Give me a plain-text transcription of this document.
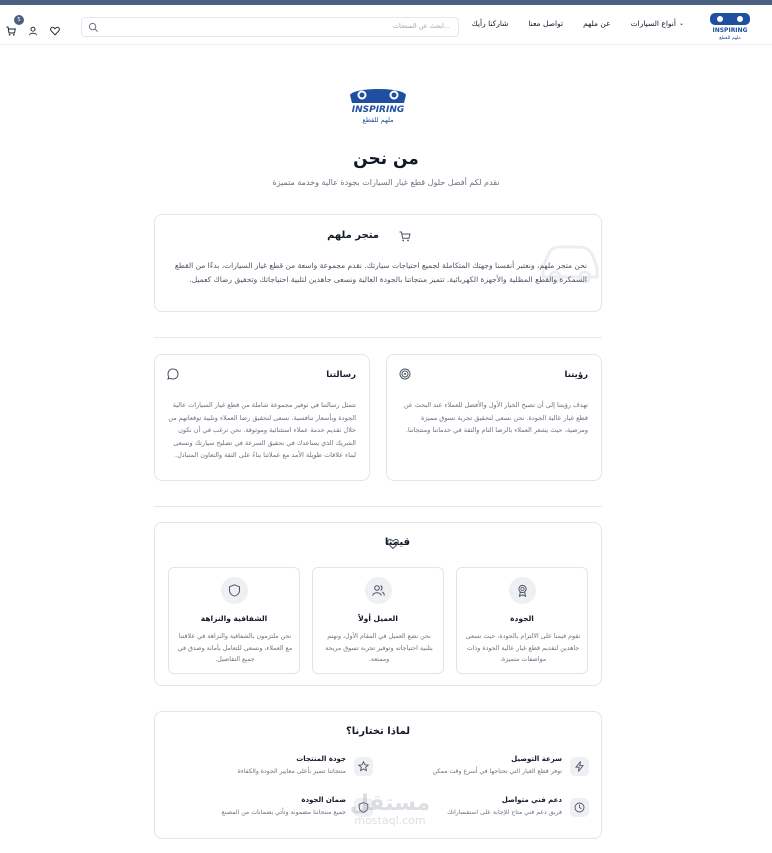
INSPIRING
ملهم للقطع
أنواع السيارات ⌄
عن ملهم
تواصل معنا
شاركنا رأيك
ابحث عن المنتجات...
5
INSPIRING
ملهم للقطع
من نحن

نقدم لكم أفضل حلول قطع غيار السيارات بجودة عالية وخدمة متميزة

متجر ملهم

نحن متجر ملهم، ونعتبر أنفسنا وجهتك المتكاملة لجميع احتياجات سيارتك. نقدم مجموعة واسعة من قطع غيار السيارات، بدءًا من القطع السمكرة والقطع المظلية والأجهزة الكهربائية. تتميز منتجاتنا بالجودة العالية ونسعى جاهدين لتلبية احتياجاتك وتحقيق رضاك كعميل.

رؤيتنا

تهدف رؤيتنا إلى أن تصبح الخيار الأول والأفضل للعملاء عند البحث عن قطع غيار عالية الجودة. نحن نسعى لتحقيق تجربة تسوق مميزة ومرضية، حيث يشعر العملاء بالرضا التام والثقة في خدماتنا ومنتجاتنا.

رسالتنا

تتمثل رسالتنا في توفير مجموعة شاملة من قطع غيار السيارات عالية الجودة وبأسعار تنافسية. نسعى لتحقيق رضا العملاء وتلبية توقعاتهم من خلال تقديم خدمة عملاء استثنائية وموثوقة. نحن نرغب في أن نكون الشريك الذي يساعدك في تحقيق السرعة في تصليح سيارتك ونسعى لبناء علاقات طويلة الأمد مع عملائنا بناءً على الثقة والتعاون المتبادل.

قيمنا
الجودة
تقوم قيمنا على الالتزام بالجودة، حيث نسعى جاهدين لتقديم قطع غيار عالية الجودة وذات مواصفات متميزة.
العميل أولاً
نحن نضع العميل في المقام الأول، ونهتم بتلبية احتياجاته وتوفير تجربة تسوق مريحة وممتعة.
الشفافية والنزاهة
نحن ملتزمون بالشفافية والنزاهة في علاقتنا مع العملاء، ونسعى للتعامل بأمانة وصدق في جميع التفاصيل.
لماذا تختارنا؟
سرعة التوصيل
توفر قطع الغيار التي تحتاجها في أسرع وقت ممكن
جودة المنتجات
منتجاتنا تتميز بأعلى معايير الجودة والكفاءة
دعم فني متواصل
فريق دعم فني متاح للإجابة على استفساراتك
ضمان الجودة
جميع منتجاتنا مضمونة وتأتي بضمانات من المصنع مستقل
mostaql.com
